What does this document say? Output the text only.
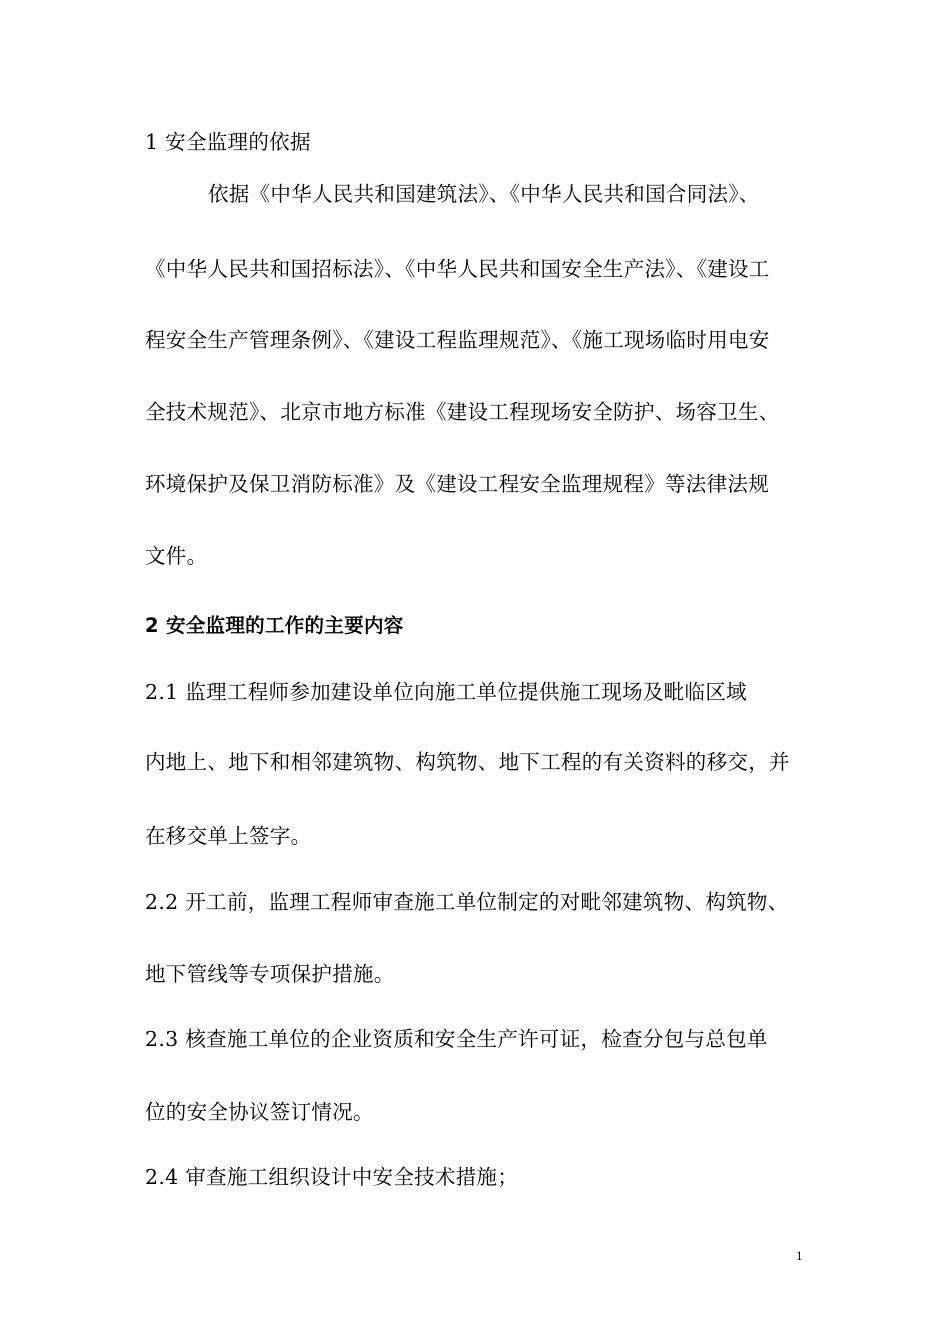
1 安全监理的依据
依据《中华人民共和国建筑法》、《中华人民共和国合同法》、
《中华人民共和国招标法》、《中华人民共和国安全生产法》、《建设工
程安全生产管理条例》、《建设工程监理规范》、《施工现场临时用电安
全技术规范》、北京市地方标准《建设工程现场安全防护、场容卫生、
环境保护及保卫消防标准》及《建设工程安全监理规程》等法律法规
文件。
2 安全监理的工作的主要内容
2.1 监理工程师参加建设单位向施工单位提供施工现场及毗临区域
内地上、地下和相邻建筑物、构筑物、地下工程的有关资料的移交，并
在移交单上签字。
2.2 开工前，监理工程师审查施工单位制定的对毗邻建筑物、构筑物、
地下管线等专项保护措施。
2.3 核查施工单位的企业资质和安全生产许可证，检查分包与总包单
位的安全协议签订情况。
2.4 审查施工组织设计中安全技术措施；
1
